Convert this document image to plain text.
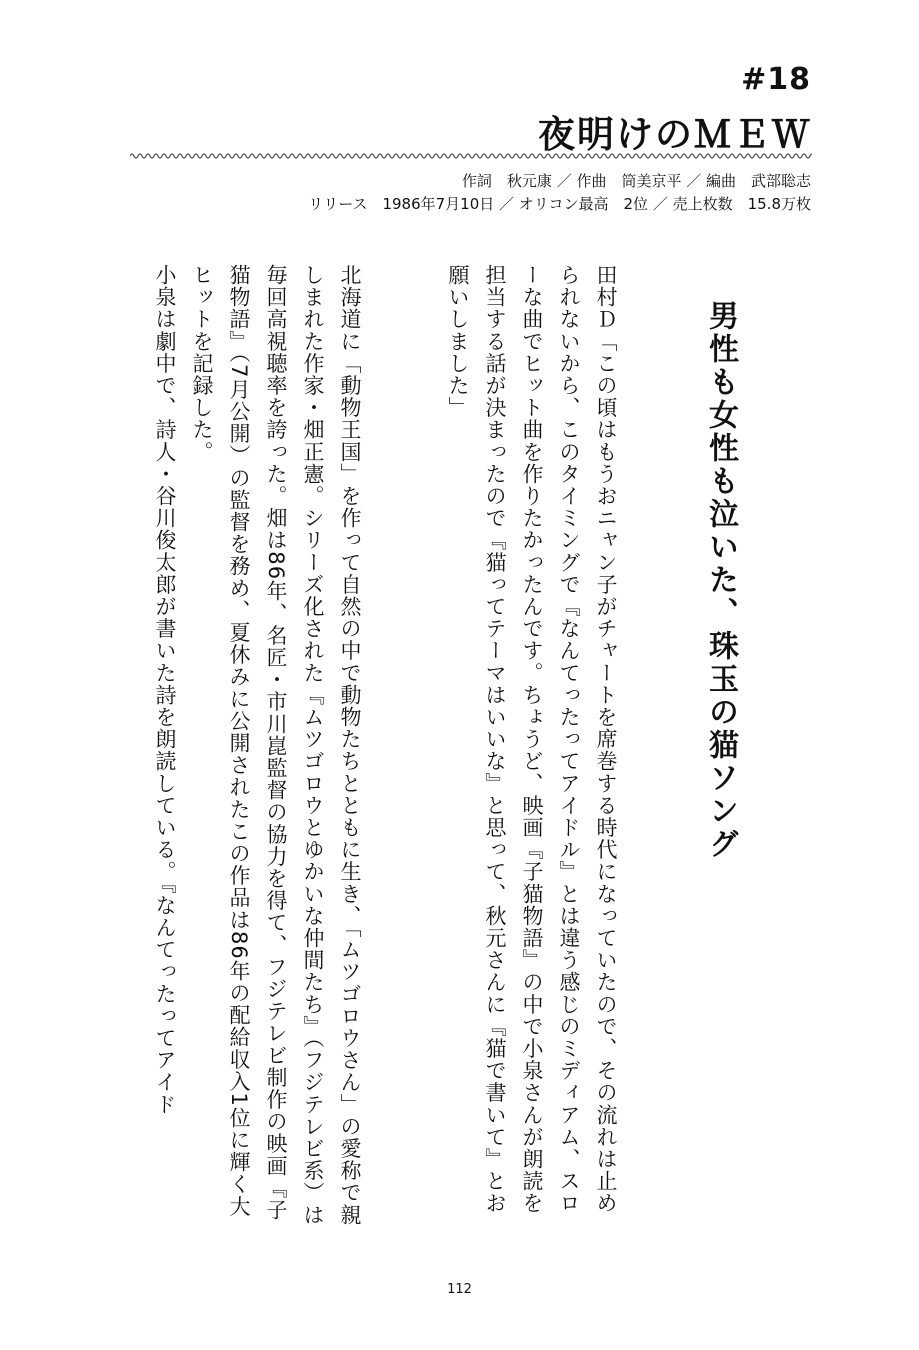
#18
夜明けのＭＥＷ
作詞　秋元康 ／ 作曲　筒美京平 ／ 編曲　武部聡志
リリース　1986年7月10日 ／ オリコン最高　2位 ／ 売上枚数　15.8万枚
男性も女性も泣いた、珠玉の猫ソング

田村Ｄ「この頃はもうおニャン子がチャートを席巻する時代になっていたので、その流れは止められないから、このタイミングで『なんてったってアイドル』とは違う感じのミディアム、スローな曲でヒット曲を作りたかったんです。ちょうど、映画『子猫物語』の中で小泉さんが朗読を担当する話が決まったので『猫ってテーマはいいな』と思って、秋元さんに『猫で書いて』とお願いしました」

北海道に「動物王国」を作って自然の中で動物たちとともに生き、「ムツゴロウさん」の愛称で親しまれた作家・畑正憲。シリーズ化された『ムツゴロウとゆかいな仲間たち』（フジテレビ系）は毎回高視聴率を誇った。畑は86年、名匠・市川崑監督の協力を得て、フジテレビ制作の映画『子猫物語』（7月公開）の監督を務め、夏休みに公開されたこの作品は86年の配給収入1位に輝く大ヒットを記録した。

小泉は劇中で、詩人・谷川俊太郎が書いた詩を朗読している。『なんてったってアイド

112
